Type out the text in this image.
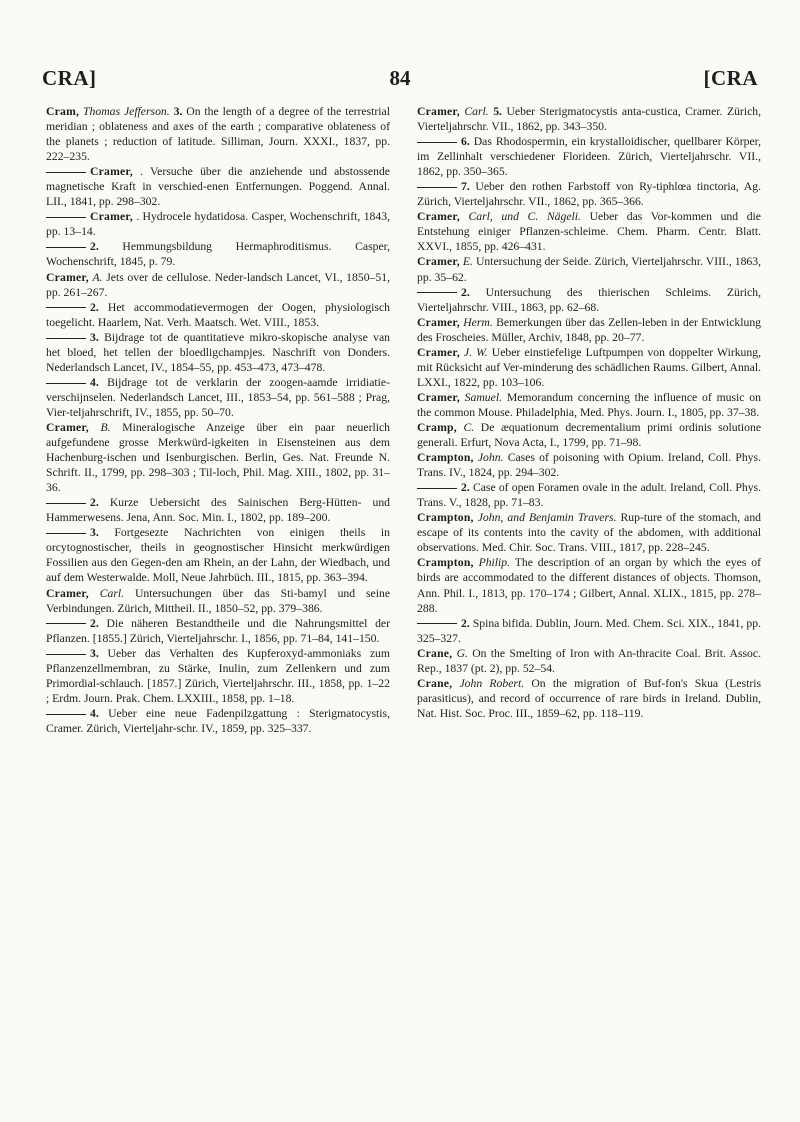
CRA]	84	[CRA
Cram, Thomas Jefferson. 3. On the length of a degree of the terrestrial meridian ; oblateness and axes of the earth ; comparative oblateness of the planets ; reduction of latitude. Silliman, Journ. XXXI., 1837, pp. 222–235.
Cramer, . Versuche über die anziehende und abstossende magnetische Kraft in verschied-enen Entfernungen. Poggend. Annal. LII., 1841, pp. 298–302.
Cramer, . Hydrocele hydatidosa. Casper, Wochenschrift, 1843, pp. 13–14.
2. Hemmungsbildung Hermaphroditismus. Casper, Wochenschrift, 1845, p. 79.
Cramer, A. Jets over de cellulose. Neder-landsch Lancet, VI., 1850–51, pp. 261–267.
2. Het accommodatievermogen der Oogen, physiologisch toegelicht. Haarlem, Nat. Verh. Maatsch. Wet. VIII., 1853.
3. Bijdrage tot de quantitatieve mikro-skopische analyse van het bloed, het tellen der bloedligchampjes. Naschrift von Donders. Nederlandsch Lancet, IV., 1854–55, pp. 453–473, 473–478.
4. Bijdrage tot de verklarin der zoogen-aamde irridiatie-verschijnselen. Nederlandsch Lancet, III., 1853–54, pp. 561–588 ; Prag, Vier-teljahrschrift, IV., 1855, pp. 50–70.
Cramer, B. Mineralogische Anzeige über ein paar neuerlich aufgefundene grosse Merkwürd-igkeiten in Eisensteinen aus dem Hachenburg-ischen und Isenburgischen. Berlin, Ges. Nat. Freunde N. Schrift. II., 1799, pp. 298–303 ; Til-loch, Phil. Mag. XIII., 1802, pp. 31–36.
2. Kurze Uebersicht des Sainischen Berg-Hütten- und Hammerwesens. Jena, Ann. Soc. Min. I., 1802, pp. 189–200.
3. Fortgesezte Nachrichten von einigen theils in orcytognostischer, theils in geognostischer Hinsicht merkwürdigen Fossilien aus den Gegen-den am Rhein, an der Lahn, der Wiedbach, und auf dem Westerwalde. Moll, Neue Jahrbüch. III., 1815, pp. 363–394.
Cramer, Carl. Untersuchungen über das Sti-bamyl und seine Verbindungen. Zürich, Mittheil. II., 1850–52, pp. 379–386.
2. Die näheren Bestandtheile und die Nahrungsmittel der Pflanzen. [1855.] Zürich, Vierteljahrschr. I., 1856, pp. 71–84, 141–150.
3. Ueber das Verhalten des Kupferoxyd-ammoniaks zum Pflanzenzellmembran, zu Stärke, Inulin, zum Zellenkern und zum Primordial-schlauch. [1857.] Zürich, Vierteljahrschr. III., 1858, pp. 1–22 ; Erdm. Journ. Prak. Chem. LXXIII., 1858, pp. 1–18.
4. Ueber eine neue Fadenpilzgattung : Sterigmatocystis, Cramer. Zürich, Vierteljahr-schr. IV., 1859, pp. 325–337.
Cramer, Carl. 5. Ueber Sterigmatocystis anta-custica, Cramer. Zürich, Vierteljahrschr. VII., 1862, pp. 343–350.
6. Das Rhodospermin, ein krystalloidischer, quellbarer Körper, im Zellinhalt verschiedener Florideen. Zürich, Vierteljahrschr. VII., 1862, pp. 350–365.
7. Ueber den rothen Farbstoff von Ry-tiphlœa tinctoria, Ag. Zürich, Vierteljahrschr. VII., 1862, pp. 365–366.
Cramer, Carl, und C. Nägeli. Ueber das Vor-kommen und die Entstehung einiger Pflanzen-schleime. Chem. Pharm. Centr. Blatt. XXVI., 1855, pp. 426–431.
Cramer, E. Untersuchung der Seide. Zürich, Vierteljahrschr. VIII., 1863, pp. 35–62.
2. Untersuchung des thierischen Schleims. Zürich, Vierteljahrschr. VIII., 1863, pp. 62–68.
Cramer, Herm. Bemerkungen über das Zellen-leben in der Entwicklung des Froscheies. Müller, Archiv, 1848, pp. 20–77.
Cramer, J. W. Ueber einstiefelige Luftpumpen von doppelter Wirkung, mit Rücksicht auf Ver-minderung des schädlichen Raums. Gilbert, Annal. LXXI., 1822, pp. 103–106.
Cramer, Samuel. Memorandum concerning the influence of music on the common Mouse. Philadelphia, Med. Phys. Journ. I., 1805, pp. 37–38.
Cramp, C. De æquationum decrementalium primi ordinis solutione generali. Erfurt, Nova Acta, I., 1799, pp. 71–98.
Crampton, John. Cases of poisoning with Opium. Ireland, Coll. Phys. Trans. IV., 1824, pp. 294–302.
2. Case of open Foramen ovale in the adult. Ireland, Coll. Phys. Trans. V., 1828, pp. 71–83.
Crampton, John, and Benjamin Travers. Rup-ture of the stomach, and escape of its contents into the cavity of the abdomen, with additional observations. Med. Chir. Soc. Trans. VIII., 1817, pp. 228–245.
Crampton, Philip. The description of an organ by which the eyes of birds are accommodated to the different distances of objects. Thomson, Ann. Phil. I., 1813, pp. 170–174 ; Gilbert, Annal. XLIX., 1815, pp. 278–288.
2. Spina bifida. Dublin, Journ. Med. Chem. Sci. XIX., 1841, pp. 325–327.
Crane, G. On the Smelting of Iron with An-thracite Coal. Brit. Assoc. Rep., 1837 (pt. 2), pp. 52–54.
Crane, John Robert. On the migration of Buf-fon's Skua (Lestris parasiticus), and record of occurrence of rare birds in Ireland. Dublin, Nat. Hist. Soc. Proc. III., 1859–62, pp. 118–119.
